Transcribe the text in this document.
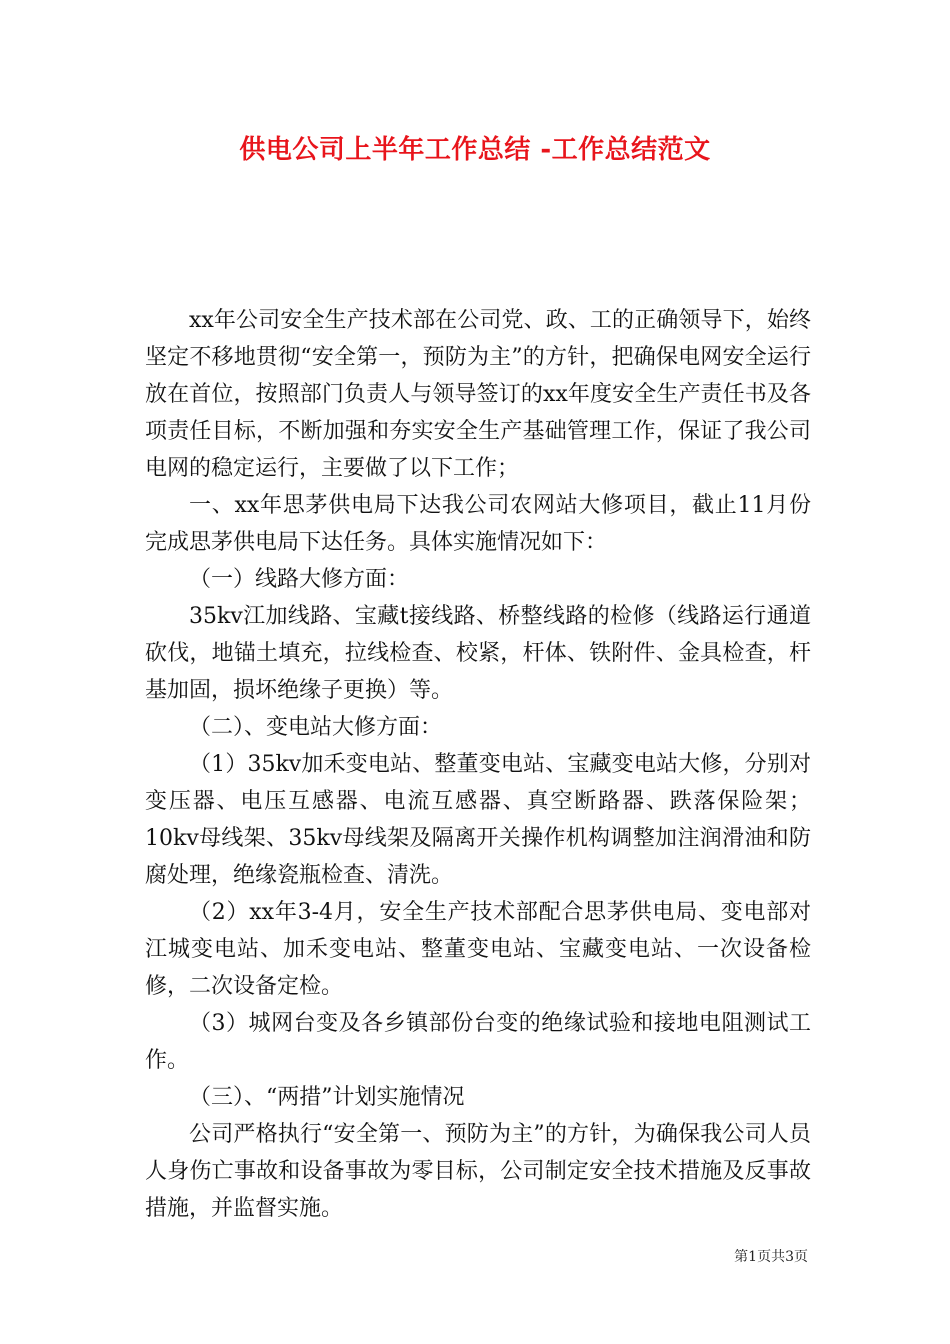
供电公司上半年工作总结 -工作总结范文

xx年公司安全生产技术部在公司党、政、工的正确领导下，始终坚定不移地贯彻“安全第一，预防为主”的方针，把确保电网安全运行放在首位，按照部门负责人与领导签订的xx年度安全生产责任书及各项责任目标，不断加强和夯实安全生产基础管理工作，保证了我公司电网的稳定运行，主要做了以下工作；

一、xx年思茅供电局下达我公司农网站大修项目，截止11月份完成思茅供电局下达任务。具体实施情况如下：

（一）线路大修方面：

35kv江加线路、宝藏t接线路、桥整线路的检修（线路运行通道砍伐，地锚土填充，拉线检查、校紧，杆体、铁附件、金具检查，杆基加固，损坏绝缘子更换）等。

（二）、变电站大修方面：

（1）35kv加禾变电站、整董变电站、宝藏变电站大修，分别对变压器、电压互感器、电流互感器、真空断路器、跌落保险架；10kv母线架、35kv母线架及隔离开关操作机构调整加注润滑油和防腐处理，绝缘瓷瓶检查、清洗。

（2）xx年3-4月，安全生产技术部配合思茅供电局、变电部对江城变电站、加禾变电站、整董变电站、宝藏变电站、一次设备检修，二次设备定检。

（3）城网台变及各乡镇部份台变的绝缘试验和接地电阻测试工作。

（三）、“两措”计划实施情况

公司严格执行“安全第一、预防为主”的方针，为确保我公司人员人身伤亡事故和设备事故为零目标，公司制定安全技术措施及反事故措施，并监督实施。

第1页共3页
